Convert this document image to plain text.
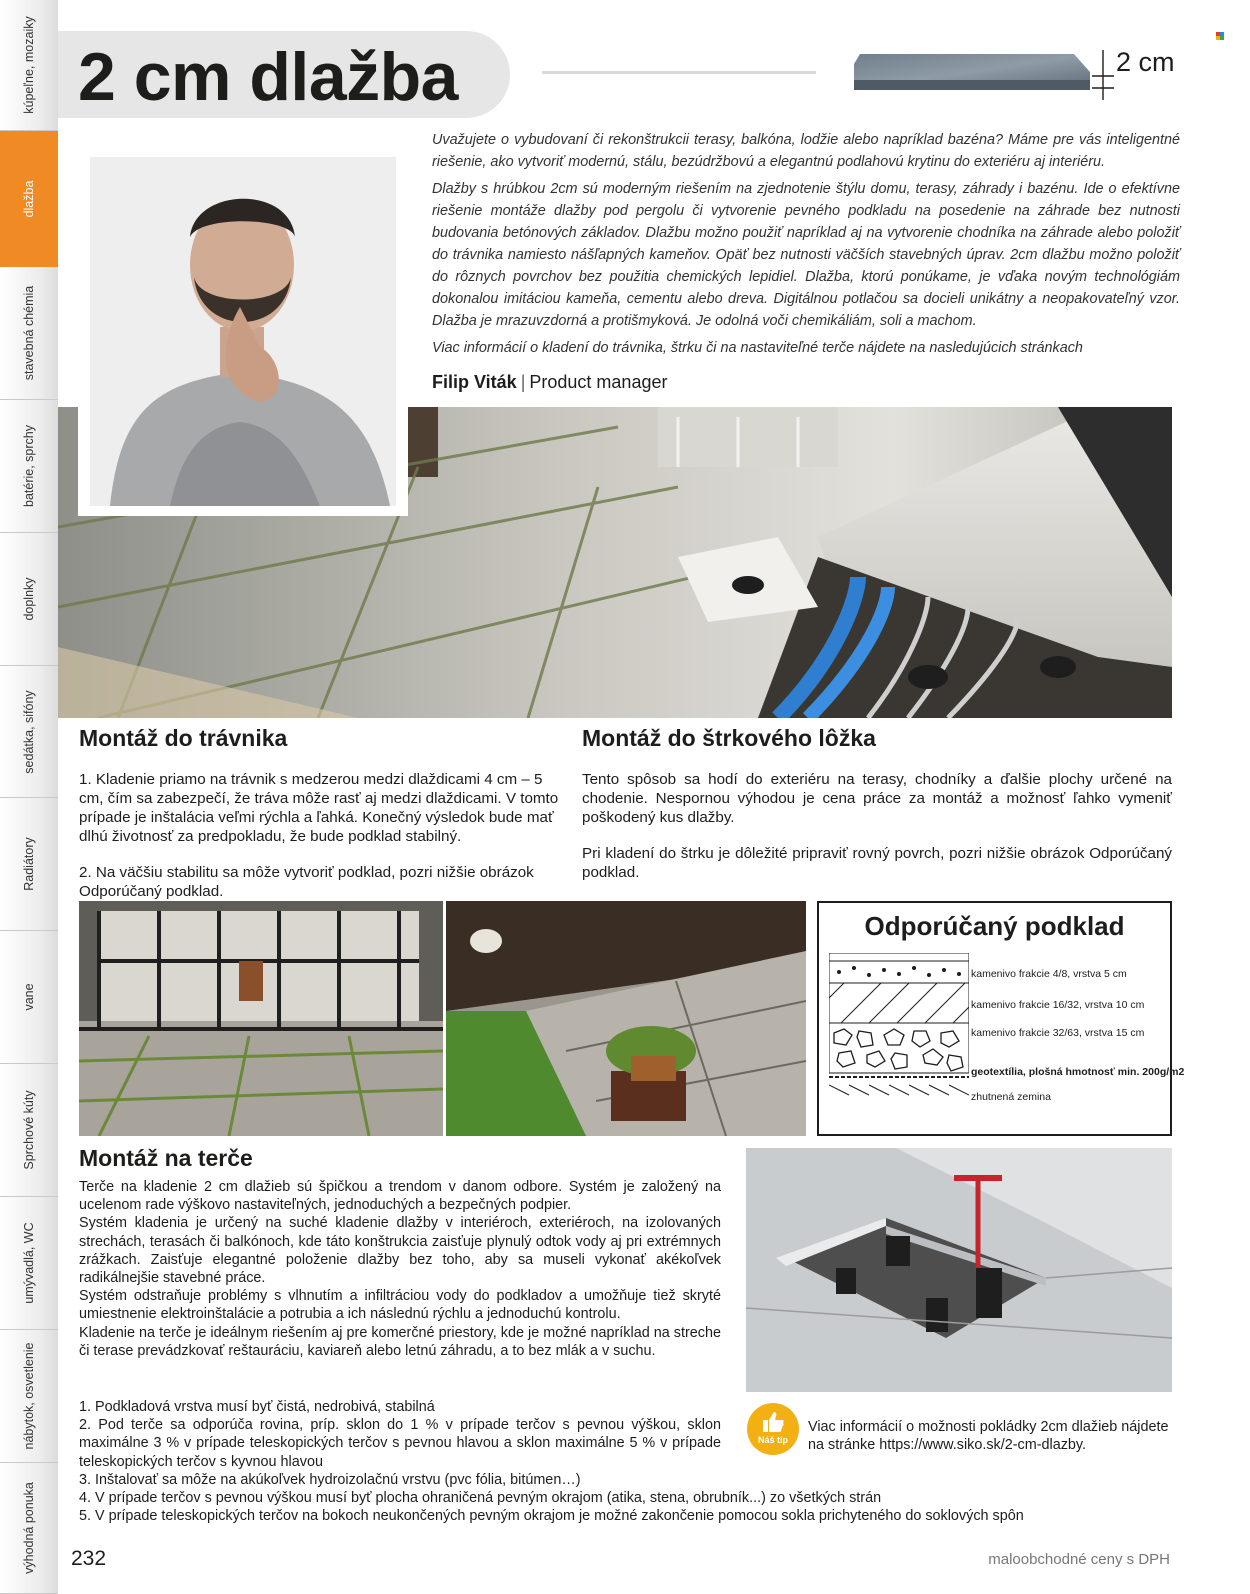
kúpeľne, mozaiky
dlažba
stavebná chémia
batérie, sprchy
doplnky
sedátka, sifóny
Radiátory
vane
Sprchové kúty
umývadlá, WC
nábytok, osvetlenie
výhodná ponuka
2 cm dlažba	2 cm

Uvažujete o vybudovaní či rekonštrukcii terasy, balkóna, lodžie alebo napríklad bazéna? Máme pre vás inteligentné riešenie, ako vytvoriť modernú, stálu, bezúdržbovú a elegantnú podlahovú krytinu do exteriéru aj interiéru.

Dlažby s hrúbkou 2cm sú moderným riešením na zjednotenie štýlu domu, terasy, záhrady i bazénu. Ide o efektívne riešenie montáže dlažby pod pergolu či vytvorenie pevného podkladu na posedenie na záhrade bez nutnosti budovania betónových základov. Dlažbu možno použiť napríklad aj na vytvorenie chodníka na záhrade alebo položiť do trávnika namiesto nášľapných kameňov. Opäť bez nutnosti väčších stavebných úprav. 2cm dlažbu možno položiť do rôznych povrchov bez použitia chemických lepidiel. Dlažba, ktorú ponúkame, je vďaka novým technológiám dokonalou imitáciou kameňa, cementu alebo dreva. Digitálnou potlačou sa docieli unikátny a neopakovateľný vzor. Dlažba je mrazuvzdorná a protišmyková. Je odolná voči chemikáliám, soli a machom.

Viac informácií o kladení do trávnika, štrku či na nastaviteľné terče nájdete na nasledujúcich stránkach

Filip Viták | Product manager
Montáž do trávnika

1. Kladenie priamo na trávnik s medzerou medzi dlaždicami 4 cm – 5 cm, čím sa zabezpečí, že tráva môže rasť aj medzi dlaždicami. V tomto prípade je inštalácia veľmi rýchla a ľahká. Konečný výsledok bude mať dlhú životnosť za predpokladu, že bude podklad stabilný.

2. Na väčšiu stabilitu sa môže vytvoriť podklad, pozri nižšie obrázok Odporúčaný podklad.

Montáž do štrkového lôžka

Tento spôsob sa hodí do exteriéru na terasy, chodníky a ďalšie plochy určené na chodenie. Nespornou výhodou je cena práce za montáž a možnosť ľahko vymeniť poškodený kus dlažby.

Pri kladení do štrku je dôležité pripraviť rovný povrch, pozri nižšie obrázok Odporúčaný podklad.

Odporúčaný podklad
kamenivo frakcie 4/8, vrstva 5 cm
kamenivo frakcie 16/32, vrstva 10 cm
kamenivo frakcie 32/63, vrstva 15 cm
geotextília, plošná hmotnosť min. 200g/m2
zhutnená zemina
Montáž na terče

Terče na kladenie 2 cm dlažieb sú špičkou a trendom v danom odbore. Systém je založený na ucelenom rade výškovo nastaviteľných, jednoduchých a bezpečných podpier.

Systém kladenia je určený na suché kladenie dlažby v interiéroch, exteriéroch, na izolovaných strechách, terasách či balkónoch, kde táto konštrukcia zaisťuje plynulý odtok vody aj pri extrémnych zrážkach. Zaisťuje elegantné položenie dlažby bez toho, aby sa museli vykonať akékoľvek radikálnejšie stavebné práce.

Systém odstraňuje problémy s vlhnutím a infiltráciou vody do podkladov a umožňuje tiež skryté umiestnenie elektroinštalácie a potrubia a ich následnú rýchlu a jednoduchú kontrolu.

Kladenie na terče je ideálnym riešením aj pre komerčné priestory, kde je možné napríklad na streche či terase prevádzkovať reštauráciu, kaviareň alebo letnú záhradu, a to bez mlák a v suchu.

1. Podkladová vrstva musí byť čistá, nedrobivá, stabilná
2. Pod terče sa odporúča rovina, príp. sklon do 1 % v prípade terčov s pevnou výškou, sklon maximálne 3 % v prípade teleskopických terčov s pevnou hlavou a sklon maximálne 5 % v prípade teleskopických terčov s kyvnou hlavou
3. Inštalovať sa môže na akúkoľvek hydroizolačnú vrstvu (pvc fólia, bitúmen…)
4. V prípade terčov s pevnou výškou musí byť plocha ohraničená pevným okrajom (atika, stena, obrubník...) zo všetkých strán
5. V prípade teleskopických terčov na bokoch neukončených pevným okrajom je možné zakončenie pomocou sokla prichyteného do soklových spôn
Náš tip
Viac informácií o možnosti pokládky 2cm dlažieb nájdete na stránke https://www.siko.sk/2-cm-dlazby.
232	maloobchodné ceny s DPH
